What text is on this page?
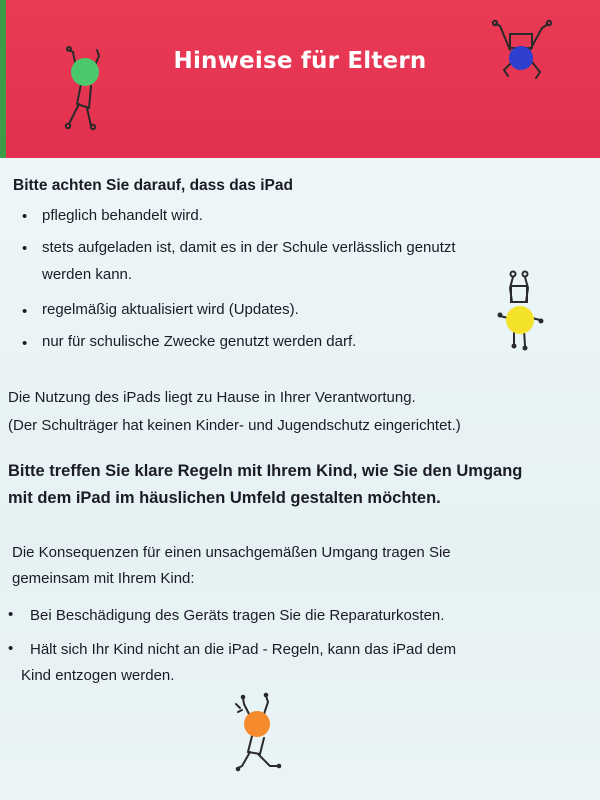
Hinweise für Eltern
Bitte achten Sie darauf, dass das iPad
• pfleglich behandelt wird.
• stets aufgeladen ist, damit es in der Schule verlässlich genutzt
werden kann.
• regelmäßig aktualisiert wird (Updates).
• nur für schulische Zwecke genutzt werden darf.
Die Nutzung des iPads liegt zu Hause in Ihrer Verantwortung.
(Der Schulträger hat keinen Kinder- und Jugendschutz eingerichtet.)
Bitte treffen Sie klare Regeln mit Ihrem Kind, wie Sie den Umgang
mit dem iPad im häuslichen Umfeld gestalten möchten.
Die Konsequenzen für einen unsachgemäßen Umgang tragen Sie
gemeinsam mit Ihrem Kind:
• Bei Beschädigung des Geräts tragen Sie die Reparaturkosten.
• Hält sich Ihr Kind nicht an die iPad - Regeln, kann das iPad dem
Kind entzogen werden.
